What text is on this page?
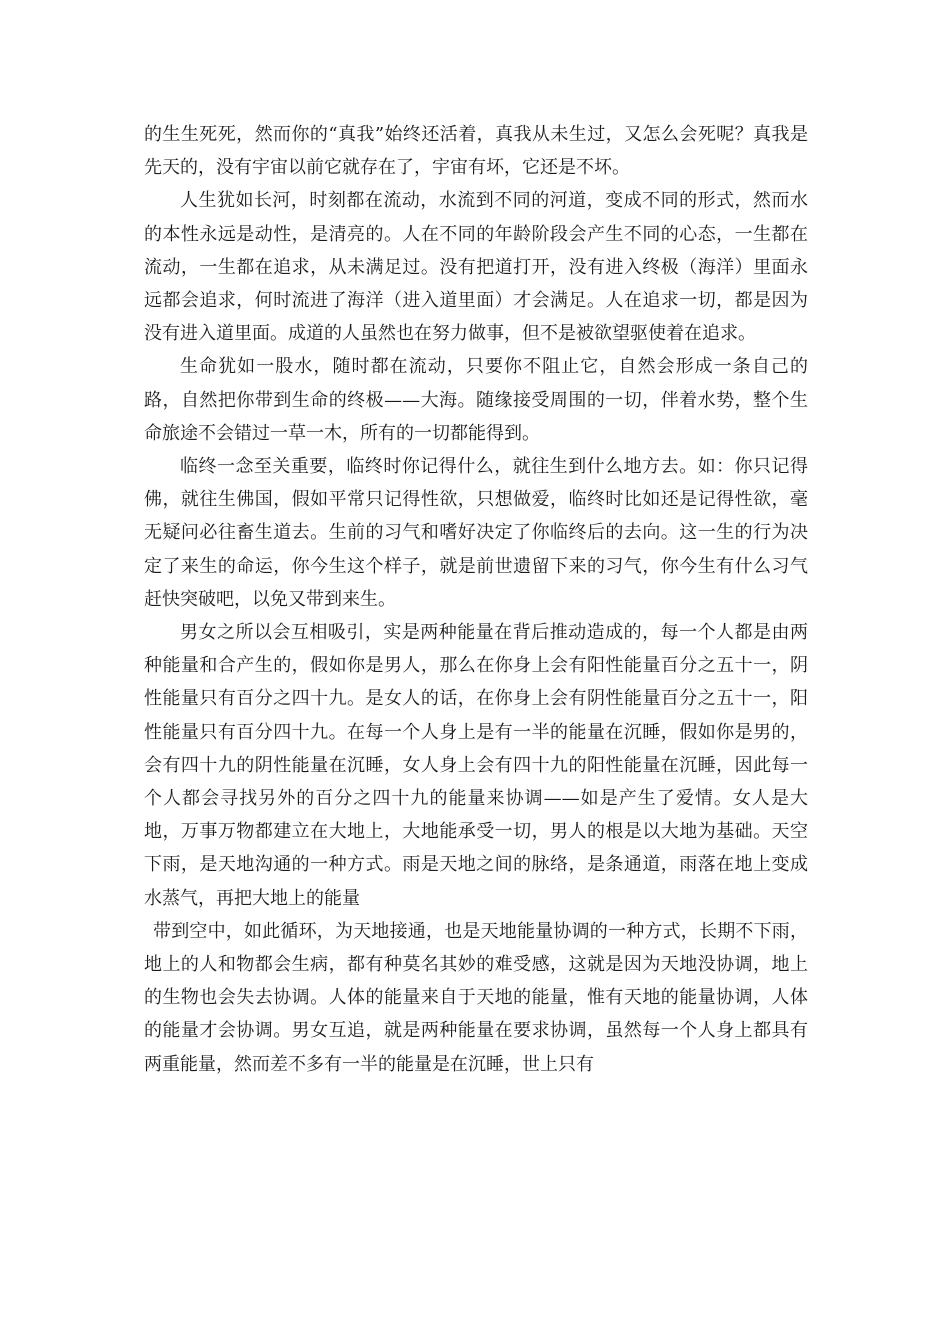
的生生死死，然而你的“真我”始终还活着，真我从未生过，又怎么会死呢？真我是先天的，没有宇宙以前它就存在了，宇宙有坏，它还是不坏。

人生犹如长河，时刻都在流动，水流到不同的河道，变成不同的形式，然而水的本性永远是动性，是清亮的。人在不同的年龄阶段会产生不同的心态，一生都在流动，一生都在追求，从未满足过。没有把道打开，没有进入终极（海洋）里面永远都会追求，何时流进了海洋（进入道里面）才会满足。人在追求一切，都是因为没有进入道里面。成道的人虽然也在努力做事，但不是被欲望驱使着在追求。

生命犹如一股水，随时都在流动，只要你不阻止它，自然会形成一条自己的路，自然把你带到生命的终极——大海。随缘接受周围的一切，伴着水势，整个生命旅途不会错过一草一木，所有的一切都能得到。

临终一念至关重要，临终时你记得什么，就往生到什么地方去。如：你只记得佛，就往生佛国，假如平常只记得性欲，只想做爱，临终时比如还是记得性欲，毫无疑问必往畜生道去。生前的习气和嗜好决定了你临终后的去向。这一生的行为决定了来生的命运，你今生这个样子，就是前世遗留下来的习气，你今生有什么习气赶快突破吧，以免又带到来生。

男女之所以会互相吸引，实是两种能量在背后推动造成的，每一个人都是由两种能量和合产生的，假如你是男人，那么在你身上会有阳性能量百分之五十一，阴性能量只有百分之四十九。是女人的话，在你身上会有阴性能量百分之五十一，阳性能量只有百分四十九。在每一个人身上是有一半的能量在沉睡，假如你是男的，会有四十九的阴性能量在沉睡，女人身上会有四十九的阳性能量在沉睡，因此每一个人都会寻找另外的百分之四十九的能量来协调——如是产生了爱情。女人是大地，万事万物都建立在大地上，大地能承受一切，男人的根是以大地为基础。天空下雨，是天地沟通的一种方式。雨是天地之间的脉络，是条通道，雨落在地上变成水蒸气，再把大地上的能量

带到空中，如此循环，为天地接通，也是天地能量协调的一种方式，长期不下雨，地上的人和物都会生病，都有种莫名其妙的难受感，这就是因为天地没协调，地上的生物也会失去协调。人体的能量来自于天地的能量，惟有天地的能量协调，人体的能量才会协调。男女互追，就是两种能量在要求协调，虽然每一个人身上都具有两重能量，然而差不多有一半的能量是在沉睡，世上只有
